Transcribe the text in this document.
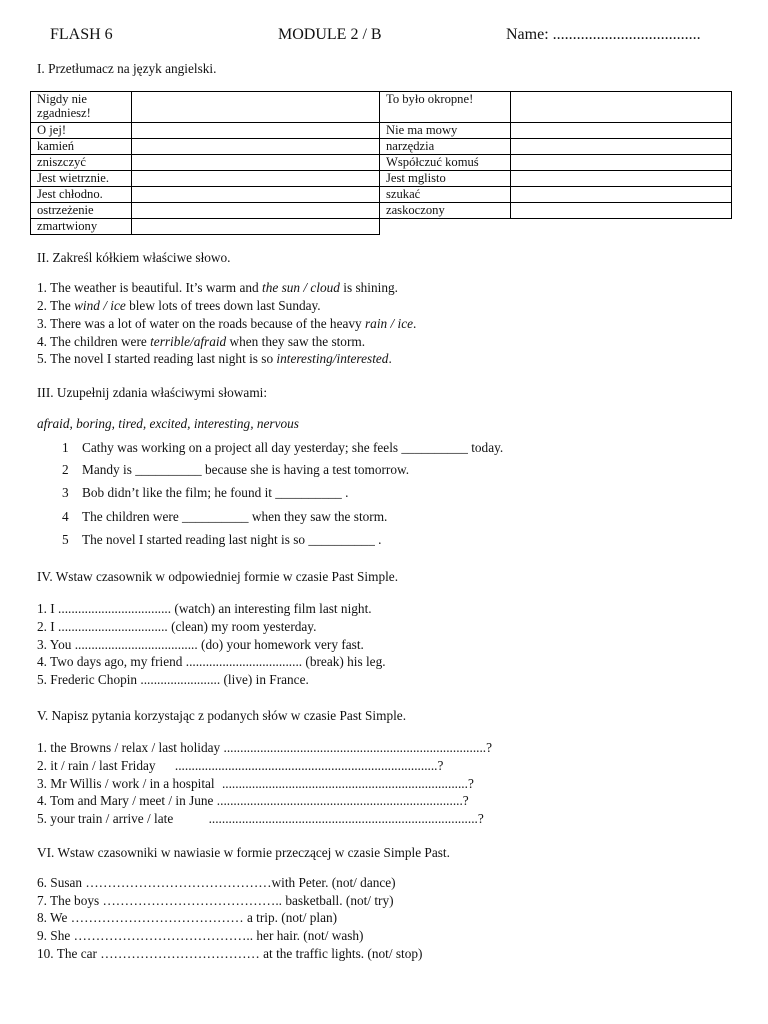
FLASH 6	MODULE 2 / B	Name: .....................................
I. Przetłumacz na język angielski.
Nigdy nie zgadniesz!		To było okropne!	
O jej!		Nie ma mowy	
kamień		narzędzia	
zniszczyć		Współczuć komuś	
Jest wietrznie.		Jest mglisto	
Jest chłodno.		szukać	
ostrzeżenie		zaskoczony	
zmartwiony			
II. Zakreśl kółkiem właściwe słowo.
1. The weather is beautiful. It’s warm and the sun / cloud is shining.
2. The wind / ice blew lots of trees down last Sunday.
3. There was a lot of water on the roads because of the heavy rain / ice.
4. The children were terrible/afraid when they saw the storm.
5. The novel I started reading last night is so interesting/interested.
III. Uzupełnij zdania właściwymi słowami:
afraid, boring, tired, excited, interesting, nervous
1 Cathy was working on a project all day yesterday; she feels __________ today.
2 Mandy is __________ because she is having a test tomorrow.
3 Bob didn’t like the film; he found it __________ .
4 The children were __________ when they saw the storm.
5 The novel I started reading last night is so __________ .
IV. Wstaw czasownik w odpowiedniej formie w czasie Past Simple.
1. I .................................. (watch) an interesting film last night.
2. I ................................. (clean) my room yesterday.
3. You ..................................... (do) your homework very fast.
4. Two days ago, my friend ................................... (break) his leg.
5. Frederic Chopin ........................ (live) in France.
V. Napisz pytania korzystając z podanych słów w czasie Past Simple.
1. the Browns / relax / last holiday ...............................................................................?
2. it / rain / last Friday ...............................................................................?
3. Mr Willis / work / in a hospital ..........................................................................?
4. Tom and Mary / meet / in June ..........................................................................?
5. your train / arrive / late	.................................................................................?
VI. Wstaw czasowniki w nawiasie w formie przeczącej w czasie Simple Past.
6. Susan ……………………………………with Peter. (not/ dance)
7. The boys ………………………………….. basketball. (not/ try)
8. We ………………………………… a trip. (not/ plan)
9. She ………………………………….. her hair. (not/ wash)
10. The car ……………………………… at the traffic lights. (not/ stop)
